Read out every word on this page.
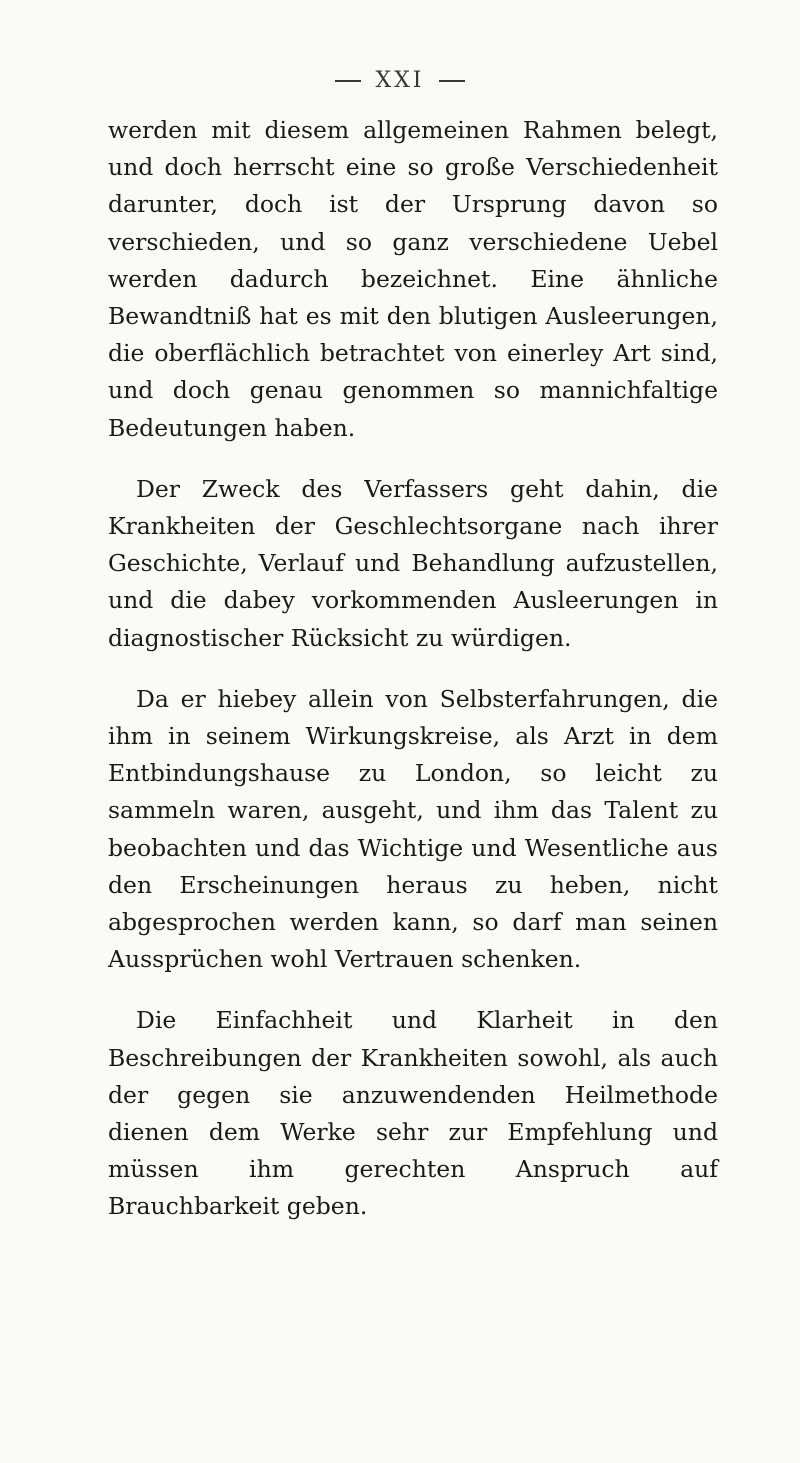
XXI

werden mit diesem allgemeinen Rahmen belegt, und doch herrscht eine so große Verschiedenheit darunter, doch ist der Ursprung davon so verschieden, und so ganz verschiedene Uebel werden dadurch bezeichnet. Eine ähnliche Bewandtniß hat es mit den blutigen Ausleerungen, die oberflächlich betrachtet von einerley Art sind, und doch genau genommen so mannichfaltige Bedeutungen haben.

Der Zweck des Verfassers geht dahin, die Krankheiten der Geschlechtsorgane nach ihrer Geschichte, Verlauf und Behandlung aufzustellen, und die dabey vorkommenden Ausleerungen in diagnostischer Rücksicht zu würdigen.

Da er hiebey allein von Selbsterfahrungen, die ihm in seinem Wirkungskreise, als Arzt in dem Entbindungshause zu London, so leicht zu sammeln waren, ausgeht, und ihm das Talent zu beobachten und das Wichtige und Wesentliche aus den Erscheinungen heraus zu heben, nicht abgesprochen werden kann, so darf man seinen Aussprüchen wohl Vertrauen schenken.

Die Einfachheit und Klarheit in den Beschreibungen der Krankheiten sowohl, als auch der gegen sie anzuwendenden Heilmethode dienen dem Werke sehr zur Empfehlung und müssen ihm gerechten Anspruch auf Brauchbarkeit geben.
